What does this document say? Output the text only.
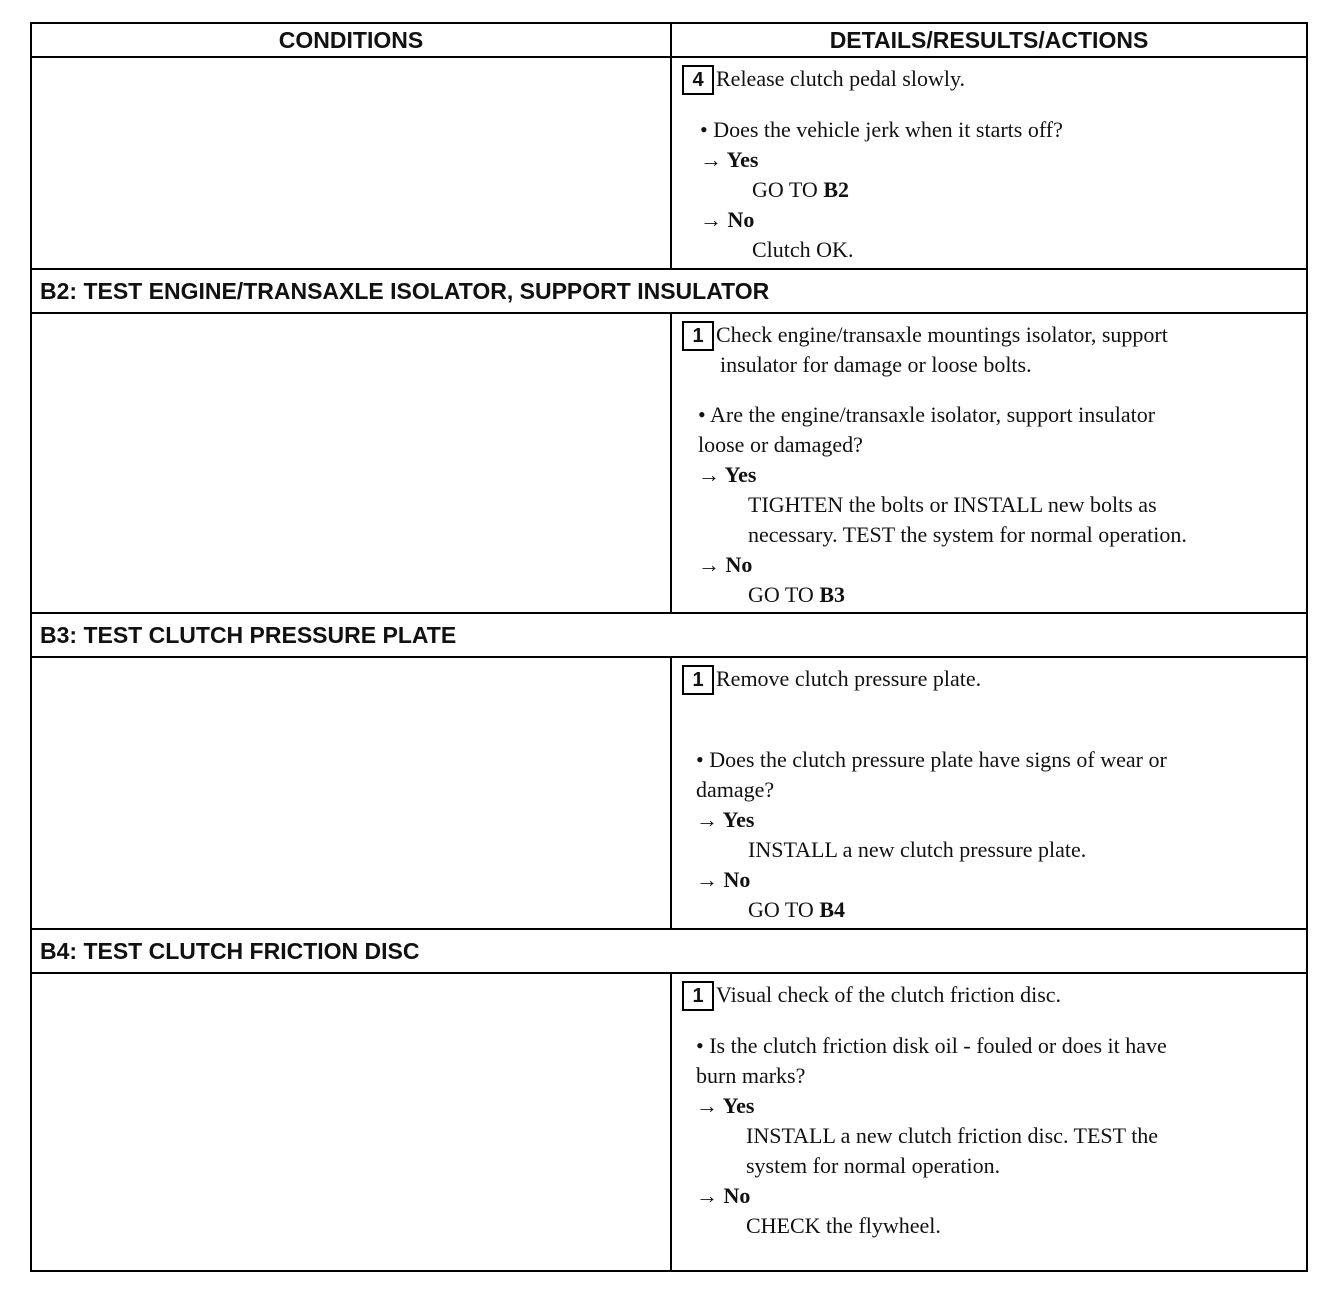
CONDITIONS	DETAILS/RESULTS/ACTIONS
4 Release clutch pedal slowly.
• Does the vehicle jerk when it starts off?
→ Yes
GO TO B2
→ No
Clutch OK.
B2: TEST ENGINE/TRANSAXLE ISOLATOR, SUPPORT INSULATOR
1 Check engine/transaxle mountings isolator, support
insulator for damage or loose bolts.
• Are the engine/transaxle isolator, support insulator
loose or damaged?
→ Yes
TIGHTEN the bolts or INSTALL new bolts as
necessary. TEST the system for normal operation.
→ No
GO TO B3
B3: TEST CLUTCH PRESSURE PLATE
1 Remove clutch pressure plate.
• Does the clutch pressure plate have signs of wear or
damage?
→ Yes
INSTALL a new clutch pressure plate.
→ No
GO TO B4
B4: TEST CLUTCH FRICTION DISC
1 Visual check of the clutch friction disc.
• Is the clutch friction disk oil - fouled or does it have
burn marks?
→ Yes
INSTALL a new clutch friction disc. TEST the
system for normal operation.
→ No
CHECK the flywheel.
